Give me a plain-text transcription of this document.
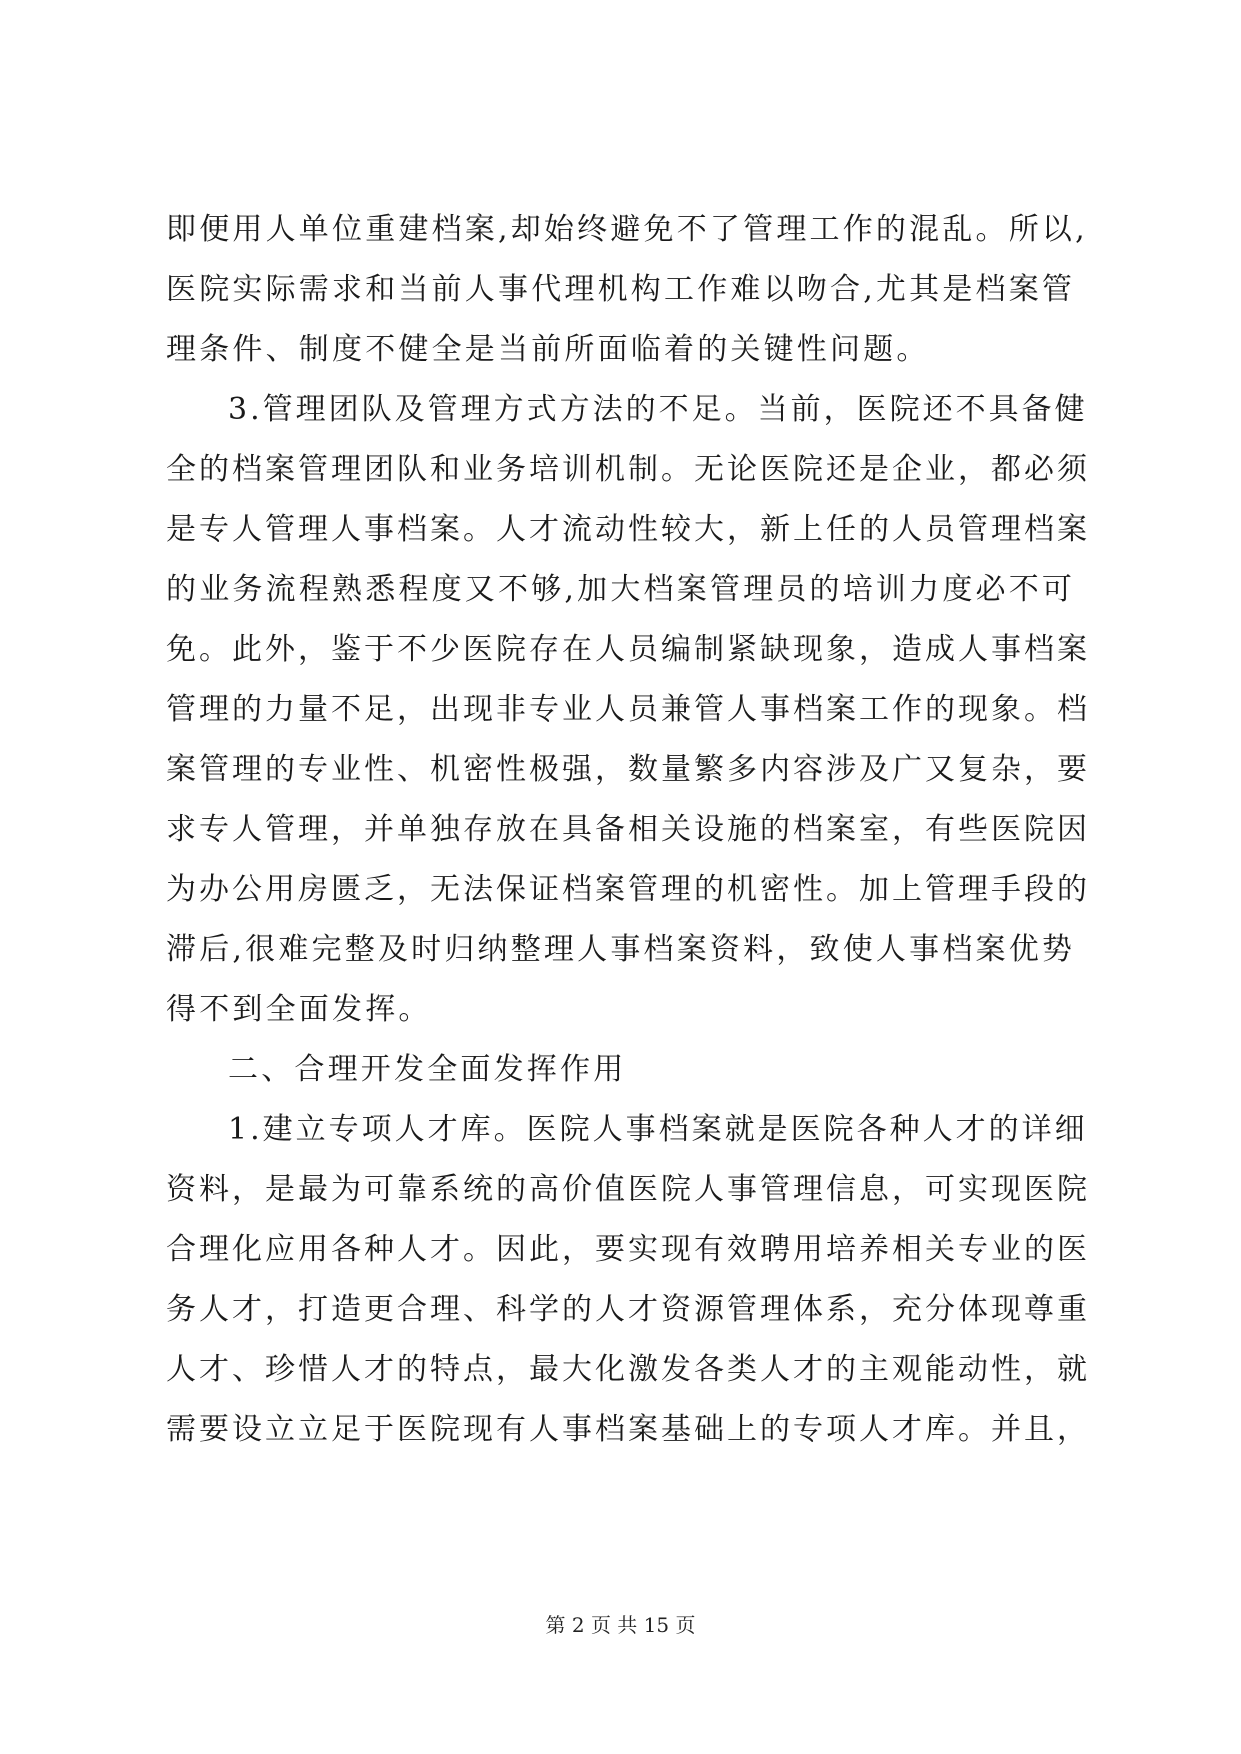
即便用人单位重建档案,却始终避免不了管理工作的混乱。所以,

医院实际需求和当前人事代理机构工作难以吻合,尤其是档案管

理条件、制度不健全是当前所面临着的关键性问题。

3.管理团队及管理方式方法的不足。当前，医院还不具备健

全的档案管理团队和业务培训机制。无论医院还是企业，都必须

是专人管理人事档案。人才流动性较大，新上任的人员管理档案

的业务流程熟悉程度又不够,加大档案管理员的培训力度必不可

免。此外，鉴于不少医院存在人员编制紧缺现象，造成人事档案

管理的力量不足，出现非专业人员兼管人事档案工作的现象。档

案管理的专业性、机密性极强，数量繁多内容涉及广又复杂，要

求专人管理，并单独存放在具备相关设施的档案室，有些医院因

为办公用房匮乏，无法保证档案管理的机密性。加上管理手段的

滞后,很难完整及时归纳整理人事档案资料，致使人事档案优势

得不到全面发挥。

二、合理开发全面发挥作用

1.建立专项人才库。医院人事档案就是医院各种人才的详细

资料，是最为可靠系统的高价值医院人事管理信息，可实现医院

合理化应用各种人才。因此，要实现有效聘用培养相关专业的医

务人才，打造更合理、科学的人才资源管理体系，充分体现尊重

人才、珍惜人才的特点，最大化激发各类人才的主观能动性，就

需要设立立足于医院现有人事档案基础上的专项人才库。并且，

第 2 页 共 15 页
